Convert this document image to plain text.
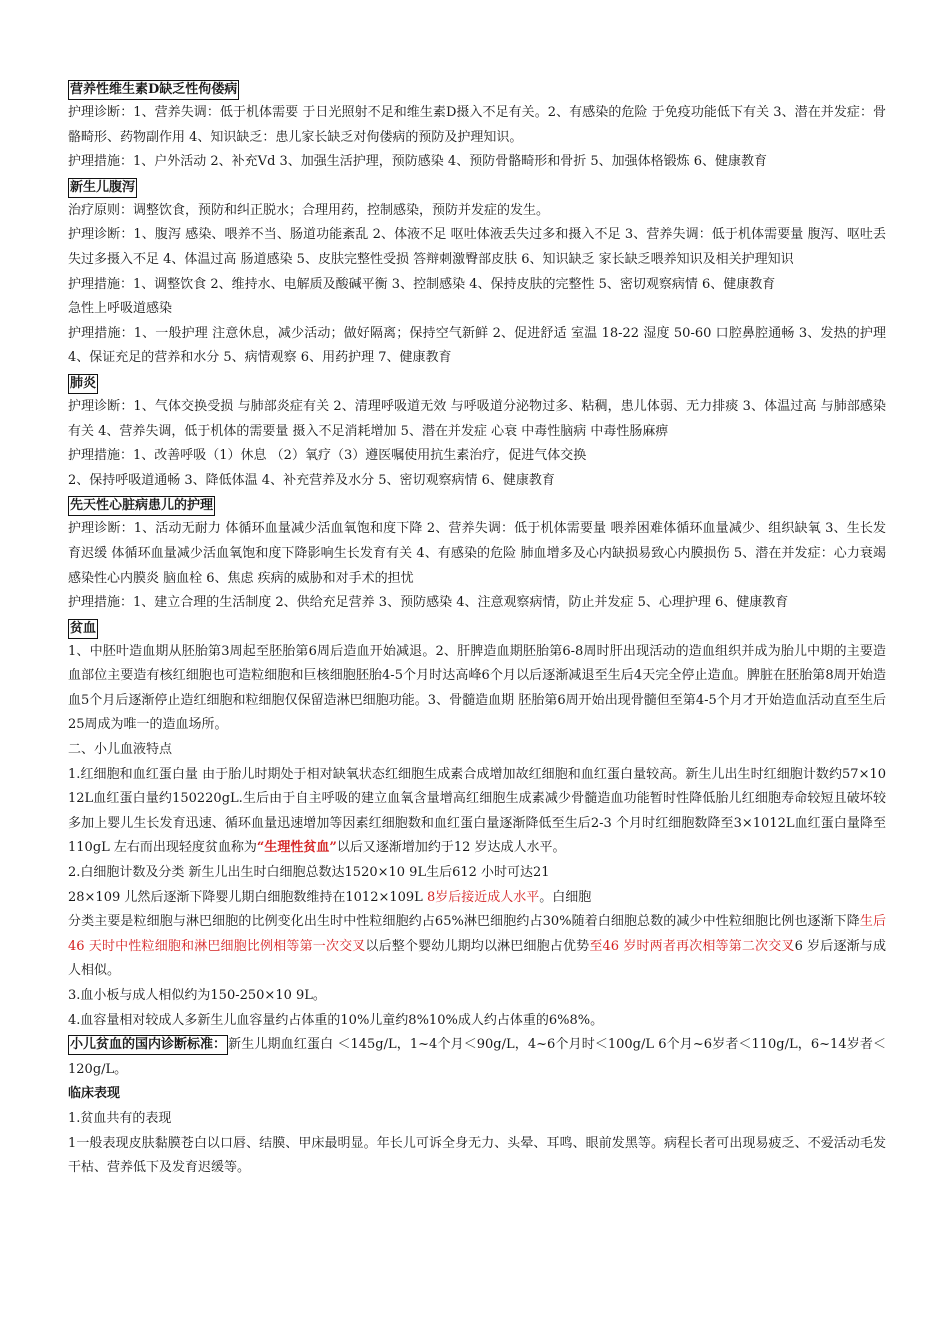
营养性维生素D缺乏性佝偻病

护理诊断：1、营养失调：低于机体需要 于日光照射不足和维生素D摄入不足有关。2、有感染的危险 于免疫功能低下有关 3、潜在并发症：骨骼畸形、药物副作用 4、知识缺乏：患儿家长缺乏对佝偻病的预防及护理知识。

护理措施：1、户外活动 2、补充Vd 3、加强生活护理，预防感染 4、预防骨骼畸形和骨折 5、加强体格锻炼 6、健康教育

新生儿腹泻

治疗原则：调整饮食，预防和纠正脱水；合理用药，控制感染，预防并发症的发生。

护理诊断：1、腹泻 感染、喂养不当、肠道功能紊乱 2、体液不足 呕吐体液丢失过多和摄入不足 3、营养失调：低于机体需要量 腹泻、呕吐丢失过多摄入不足 4、体温过高 肠道感染 5、皮肤完整性受损 答辩刺激臀部皮肤 6、知识缺乏 家长缺乏喂养知识及相关护理知识

护理措施：1、调整饮食 2、维持水、电解质及酸碱平衡 3、控制感染 4、保持皮肤的完整性 5、密切观察病情 6、健康教育

急性上呼吸道感染

护理措施：1、一般护理 注意休息，减少活动；做好隔离；保持空气新鲜 2、促进舒适 室温 18-22 湿度 50-60 口腔鼻腔通畅 3、发热的护理 4、保证充足的营养和水分 5、病情观察 6、用药护理 7、健康教育

肺炎

护理诊断：1、气体交换受损 与肺部炎症有关 2、清理呼吸道无效 与呼吸道分泌物过多、粘稠，患儿体弱、无力排痰 3、体温过高 与肺部感染有关 4、营养失调，低于机体的需要量 摄入不足消耗增加 5、潜在并发症 心衰 中毒性脑病 中毒性肠麻痹

护理措施：1、改善呼吸（1）休息 （2）氧疗（3）遵医嘱使用抗生素治疗，促进气体交换

2、保持呼吸道通畅 3、降低体温 4、补充营养及水分 5、密切观察病情 6、健康教育

先天性心脏病患儿的护理

护理诊断：1、活动无耐力 体循环血量减少活血氧饱和度下降 2、营养失调：低于机体需要量 喂养困难体循环血量减少、组织缺氧 3、生长发育迟缓 体循环血量减少活血氧饱和度下降影响生长发育有关 4、有感染的危险 肺血增多及心内缺损易致心内膜损伤 5、潜在并发症：心力衰竭 感染性心内膜炎 脑血栓 6、焦虑 疾病的威胁和对手术的担忧

护理措施：1、建立合理的生活制度 2、供给充足营养 3、预防感染 4、注意观察病情，防止并发症 5、心理护理 6、健康教育

贫血

1、中胚叶造血期从胚胎第3周起至胚胎第6周后造血开始减退。2、肝脾造血期胚胎第6-8周时肝出现活动的造血组织并成为胎儿中期的主要造血部位主要造有核红细胞也可造粒细胞和巨核细胞胚胎4-5个月时达高峰6个月以后逐渐减退至生后4天完全停止造血。脾脏在胚胎第8周开始造血5个月后逐渐停止造红细胞和粒细胞仅保留造淋巴细胞功能。3、骨髓造血期 胚胎第6周开始出现骨髓但至第4-5个月才开始造血活动直至生后25周成为唯一的造血场所。

二、小儿血液特点

1.红细胞和血红蛋白量 由于胎儿时期处于相对缺氧状态红细胞生成素合成增加故红细胞和血红蛋白量较高。新生儿出生时红细胞计数约57×10 12L血红蛋白量约150220gL.生后由于自主呼吸的建立血氧含量增高红细胞生成素减少骨髓造血功能暂时性降低胎儿红细胞寿命较短且破坏较多加上婴儿生长发育迅速、循环血量迅速增加等因素红细胞数和血红蛋白量逐渐降低至生后2-3 个月时红细胞数降至3×1012L血红蛋白量降至110gL 左右而出现轻度贫血称为“生理性贫血”以后又逐渐增加约于12 岁达成人水平。

2.白细胞计数及分类 新生儿出生时白细胞总数达1520×10 9L生后612 小时可达21

28×109 儿然后逐渐下降婴儿期白细胞数维持在1012×109L 8岁后接近成人水平。白细胞

分类主要是粒细胞与淋巴细胞的比例变化出生时中性粒细胞约占65%淋巴细胞约占30%随着白细胞总数的减少中性粒细胞比例也逐渐下降生后46 天时中性粒细胞和淋巴细胞比例相等第一次交叉以后整个婴幼儿期均以淋巴细胞占优势至46 岁时两者再次相等第二次交叉6 岁后逐渐与成人相似。

3.血小板与成人相似约为150-250×10 9L。

4.血容量相对较成人多新生儿血容量约占体重的10%儿童约8%10%成人约占体重的6%8%。

小儿贫血的国内诊断标准： 新生儿期血红蛋白 ＜145g/L，1~4个月＜90g/L，4~6个月时＜100g/L 6个月~6岁者＜110g/L，6~14岁者＜120g/L。

临床表现

1.贫血共有的表现

1一般表现皮肤黏膜苍白以口唇、结膜、甲床最明显。年长儿可诉全身无力、头晕、耳鸣、眼前发黑等。病程长者可出现易疲乏、不爱活动毛发干枯、营养低下及发育迟缓等。
